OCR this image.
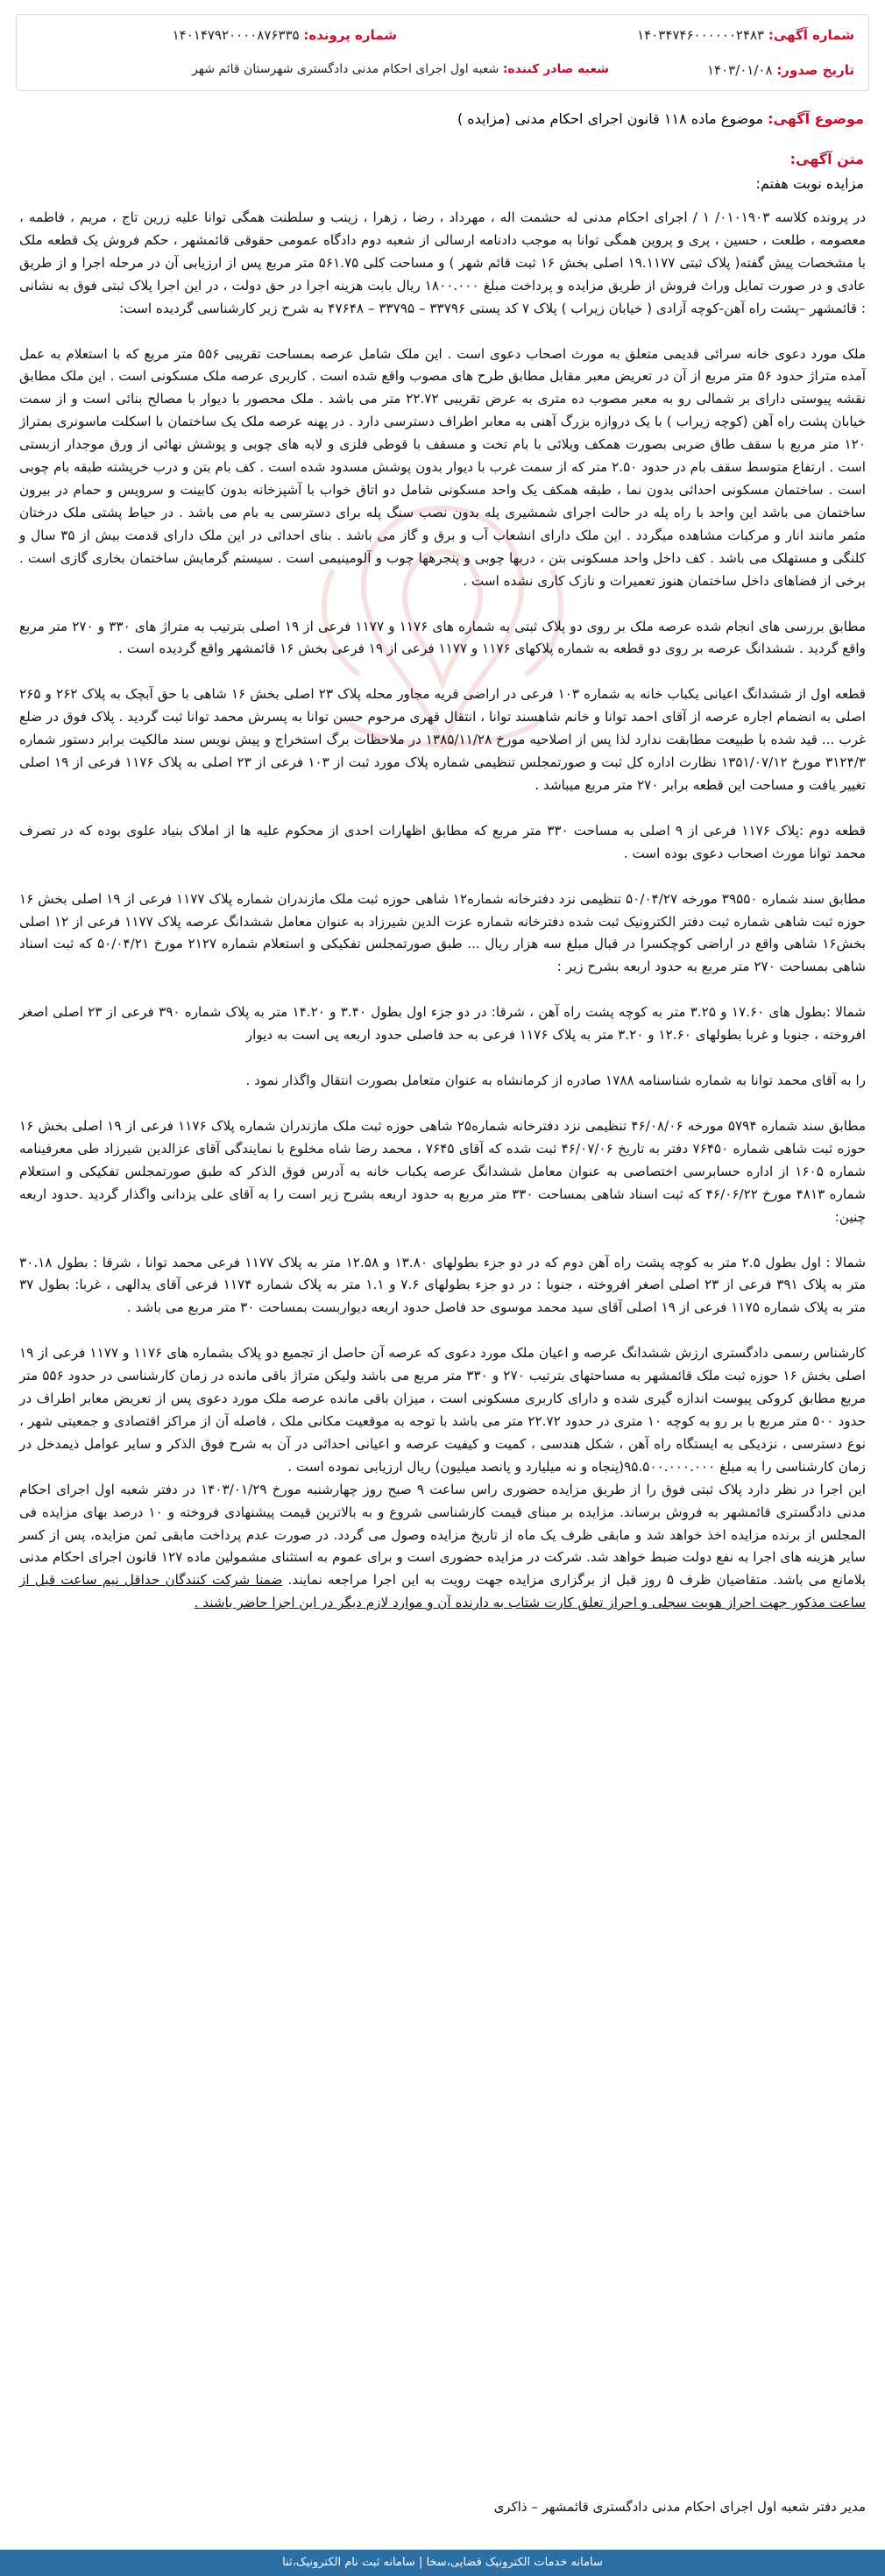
شماره آگهی: ۱۴۰۳۴۷۴۶۰۰۰۰۰۰۲۴۸۳
شماره پرونده: ۱۴۰۱۴۷۹۲۰۰۰۰۸۷۶۳۳۵
تاریخ صدور: ۱۴۰۳/۰۱/۰۸
شعبه صادر کننده: شعبه اول اجرای احکام مدنی دادگستری شهرستان قائم شهر
موضوع آگهی: موضوع ماده ۱۱۸ قانون اجرای احکام مدنی (مزایده )
متن آگهی:
مزایده نوبت هفتم:

در پرونده کلاسه ۰۱۰۱۹۰۳/ ۱ / اجرای احکام مدنی له حشمت اله ، مهرداد ، رضا ، زهرا ، زینب و سلطنت همگی توانا علیه زرین تاج ، مریم ، فاطمه ، معصومه ، طلعت ، حسین ، پری و پروین همگی توانا به موجب دادنامه ارسالی از شعبه دوم دادگاه عمومی حقوقی قائمشهر ، حکم فروش یک قطعه ملک با مشخصات پیش گفته( پلاک ثبتی ۱۹.۱۱۷۷ اصلی بخش ۱۶ ثبت قائم شهر ) و مساحت کلی ۵۶۱.۷۵ متر مربع پس از ارزیابی آن در مرحله اجرا و از طریق عادی و در صورت تمایل وراث فروش از طریق مزایده و پرداخت مبلغ ۱۸۰۰.۰۰۰ ریال بابت هزینه اجرا در حق دولت ، در این اجرا پلاک ثبتی فوق به نشانی : قائمشهر –پشت راه آهن-کوچه آزادی ( خیابان زیراب ) پلاک ۷ کد پستی ۳۳۷۹۶ – ۳۳۷۹۵ – ۴۷۶۴۸ به شرح زیر کارشناسی گردیده است:

ملک مورد دعوی خانه سرائی قدیمی متعلق به مورث اصحاب دعوی است . این ملک شامل عرصه بمساحت تقریبی ۵۵۶ متر مربع که با استعلام به عمل آمده متراژ حدود ۵۶ متر مربع از آن در تعریض معبر مقابل مطابق طرح های مصوب واقع شده است . کاربری عرصه ملک مسکونی است . این ملک مطابق نقشه پیوستی دارای بر شمالی رو به معبر مصوب ده متری به عرض تقریبی ۲۲.۷۲ متر می باشد . ملک محصور با دیوار با مصالح بنائی است و از سمت خیابان پشت راه آهن (کوچه زیراب ) با یک دروازه بزرگ آهنی به معابر اطراف دسترسی دارد . در پهنه عرصه ملک یک ساختمان با اسکلت ماسونری بمتراژ ۱۲۰ متر مربع با سقف طاق ضربی بصورت همکف ویلائی با بام تخت و مسقف با قوطی فلزی و لایه های چوبی و پوشش نهائی از ورق موجدار ازبستی است . ارتفاع متوسط سقف بام در حدود ۲.۵۰ متر که از سمت غرب با دیوار بدون پوشش مسدود شده است . کف بام بتن و درب خرپشته طبقه بام چوبی است . ساختمان مسکونی احداثی بدون نما ، طبقه همکف یک واحد مسکونی شامل دو اتاق خواب با آشپزخانه بدون کابینت و سرویس و حمام در بیرون ساختمان می باشد این واحد با راه پله در حالت اجرای شمشیری پله بدون نصب سنگ پله برای دسترسی به بام می باشد . در حیاط پشتی ملک درختان مثمر مانند انار و مرکبات مشاهده میگردد . این ملک دارای انشعاب آب و برق و گاز می باشد . بنای احداثی در این ملک دارای قدمت بیش از ۳۵ سال و کلنگی و مستهلک می باشد . کف داخل واحد مسکونی بتن ، دربها چوبی و پنجرهها چوب و آلومینیمی است . سیستم گرمایش ساختمان بخاری گازی است . برخی از فضاهای داخل ساختمان هنوز تعمیرات و نازک کاری نشده است .

مطابق بررسی های انجام شده عرصه ملک بر روی دو پلاک ثبتی به شماره های ۱۱۷۶ و ۱۱۷۷ فرعی از ۱۹ اصلی بترتیب به متراژ های ۳۳۰ و ۲۷۰ متر مربع واقع گردید . ششدانگ عرصه بر روی دو قطعه به شماره پلاکهای ۱۱۷۶ و ۱۱۷۷ فرعی از ۱۹ فرعی بخش ۱۶ قائمشهر واقع گردیده است .

قطعه اول از ششدانگ اعیانی یکباب خانه به شماره ۱۰۳ فرعی در اراضی قریه مجاور محله پلاک ۲۳ اصلی بخش ۱۶ شاهی با حق آبچک به پلاک ۲۶۲ و ۲۶۵ اصلی به انضمام اجاره عرصه از آقای احمد توانا و خانم شاهسند توانا ، انتقال قهری مرحوم حسن توانا به پسرش محمد توانا ثبت گردید . پلاک فوق در ضلع غرب ... قید شده با طبیعت مطابقت ندارد لذا پس از اصلاحیه مورخ ۱۳۸۵/۱۱/۲۸ در ملاحظات برگ استخراج و پیش نویس سند مالکیت برابر دستور شماره ۳۱۲۴/۳ مورخ ۱۳۵۱/۰۷/۱۲ نظارت اداره کل ثبت و صورتمجلس تنظیمی شماره پلاک مورد ثبت از ۱۰۳ فرعی از ۲۳ اصلی به پلاک ۱۱۷۶ فرعی از ۱۹ اصلی تغییر یافت و مساحت این قطعه برابر ۲۷۰ متر مربع میباشد .

قطعه دوم :پلاک ۱۱۷۶ فرعی از ۹ اصلی به مساحت ۳۳۰ متر مربع که مطابق اظهارات احدی از محکوم علیه ها از املاک بنیاد علوی بوده که در تصرف محمد توانا مورث اصحاب دعوی بوده است .

مطابق سند شماره ۳۹۵۵۰ مورخه ۵۰/۰۴/۲۷ تنظیمی نزد دفترخانه شماره۱۲ شاهی حوزه ثبت ملک مازندران شماره پلاک ۱۱۷۷ فرعی از ۱۹ اصلی بخش ۱۶ حوزه ثبت شاهی شماره ثبت دفتر الکترونیک ثبت شده دفترخانه شماره عزت الدین شیرزاد به عنوان معامل ششدانگ عرصه پلاک ۱۱۷۷ فرعی از ۱۲ اصلی بخش۱۶ شاهی واقع در اراضی کوچکسرا در قبال مبلغ سه هزار ریال ... طبق صورتمجلس تفکیکی و استعلام شماره ۲۱۲۷ مورخ ۵۰/۰۴/۲۱ که ثبت اسناد شاهی بمساحت ۲۷۰ متر مربع به حدود اربعه بشرح زیر :

شمالا :بطول های ۱۷.۶۰ و ۳.۲۵ متر به کوچه پشت راه آهن ، شرقا: در دو جزء اول بطول ۳.۴۰ و ۱۴.۲۰ متر به پلاک شماره ۳۹۰ فرعی از ۲۳ اصلی اصغر افروخته ، جنوبا و غربا بطولهای ۱۲.۶۰ و ۳.۲۰ متر به پلاک ۱۱۷۶ فرعی به حد فاصلی حدود اربعه پی است به دیوار

را به آقای محمد توانا به شماره شناسنامه ۱۷۸۸ صادره از کرمانشاه به عنوان متعامل بصورت انتقال واگذار نمود .

مطابق سند شماره ۵۷۹۴ مورخه ۴۶/۰۸/۰۶ تنظیمی نزد دفترخانه شماره۲۵ شاهی حوزه ثبت ملک مازندران شماره پلاک ۱۱۷۶ فرعی از ۱۹ اصلی بخش ۱۶ حوزه ثبت شاهی شماره ۷۶۴۵۰ دفتر به تاریخ ۴۶/۰۷/۰۶ ثبت شده که آقای ۷۶۴۵ ، محمد رضا شاه مخلوع با نمایندگی آقای عزالدین شیرزاد طی معرفینامه شماره ۱۶۰۵ از اداره حسابرسی اختصاصی به عنوان معامل ششدانگ عرصه یکباب خانه به آدرس فوق الذکر که طبق صورتمجلس تفکیکی و استعلام شماره ۴۸۱۳ مورخ ۴۶/۰۶/۲۲ که ثبت اسناد شاهی بمساحت ۳۳۰ متر مربع به حدود اربعه بشرح زیر است را به آقای علی یزدانی واگذار گردید .حدود اربعه چنین:

شمالا : اول بطول ۲.۵ متر به کوچه پشت راه آهن دوم که در دو جزء بطولهای ۱۳.۸۰ و ۱۲.۵۸ متر به پلاک ۱۱۷۷ فرعی محمد توانا ، شرقا : بطول ۳۰.۱۸ متر به پلاک ۳۹۱ فرعی از ۲۳ اصلی اصغر افروخته ، جنوبا : در دو جزء بطولهای ۷.۶ و ۱.۱ متر به پلاک شماره ۱۱۷۴ فرعی آقای یدالهی ، غربا: بطول ۳۷ متر به پلاک شماره ۱۱۷۵ فرعی از ۱۹ اصلی آقای سید محمد موسوی حد فاصل حدود اربعه دیواربست بمساحت ۳۰ متر مربع می باشد .

کارشناس رسمی دادگستری ارزش ششدانگ عرصه و اعیان ملک مورد دعوی که عرصه آن حاصل از تجمیع دو پلاک بشماره های ۱۱۷۶ و ۱۱۷۷ فرعی از ۱۹ اصلی بخش ۱۶ حوزه ثبت ملک قائمشهر به مساحتهای بترتیب ۲۷۰ و ۳۳۰ متر مربع می باشد ولیکن متراژ باقی مانده در زمان کارشناسی در حدود ۵۵۶ متر مربع مطابق کروکی پیوست اندازه گیری شده و دارای کاربری مسکونی است ، میزان باقی مانده عرصه ملک مورد دعوی پس از تعریض معابر اطراف در حدود ۵۰۰ متر مربع با بر رو به کوچه ۱۰ متری در حدود ۲۲.۷۲ متر می باشد با توجه به موقعیت مکانی ملک ، فاصله آن از مراکز اقتصادی و جمعیتی شهر ، نوع دسترسی ، نزدیکی به ایستگاه راه آهن ، شکل هندسی ، کمیت و کیفیت عرصه و اعیانی احداثی در آن به شرح فوق الذکر و سایر عوامل ذیمدخل در زمان کارشناسی را به مبلغ ۹۵.۵۰۰.۰۰۰.۰۰۰(پنجاه و نه میلیارد و پانصد میلیون) ریال ارزیابی نموده است .

این اجرا در نظر دارد پلاک ثبتی فوق را از طریق مزایده حضوری راس ساعت ۹ صبح روز چهارشنبه مورخ ۱۴۰۳/۰۱/۲۹ در دفتر شعبه اول اجرای احکام مدنی دادگستری قائمشهر به فروش برساند. مزایده بر مبنای قیمت کارشناسی شروع و به بالاترین قیمت پیشنهادی فروخته و ۱۰ درصد بهای مزایده فی المجلس از برنده مزایده اخذ خواهد شد و مابقی ظرف یک ماه از تاریخ مزایده وصول می گردد. در صورت عدم پرداخت مابقی ثمن مزایده، پس از کسر سایر هزینه های اجرا به نفع دولت ضبط خواهد شد. شرکت در مزایده حضوری است و برای عموم به استثنای مشمولین ماده ۱۲۷ قانون اجرای احکام مدنی بلامانع می باشد. متقاضیان ظرف ۵ روز قبل از برگزاری مزایده جهت رویت به این اجرا مراجعه نمایند. ضمنا شرکت کنندگان حداقل نیم ساعت قبل از ساعت مذکور جهت احراز هویت سجلی و احراز تعلق کارت شتاب به دارنده آن و موارد لازم دیگر در این اجرا حاضر باشند .

مدیر دفتر شعبه اول اجرای احکام مدنی دادگستری قائمشهر – ذاکری
سامانه خدمات الکترونیک قضایی،سخا | سامانه ثبت نام الکترونیک،ثنا
